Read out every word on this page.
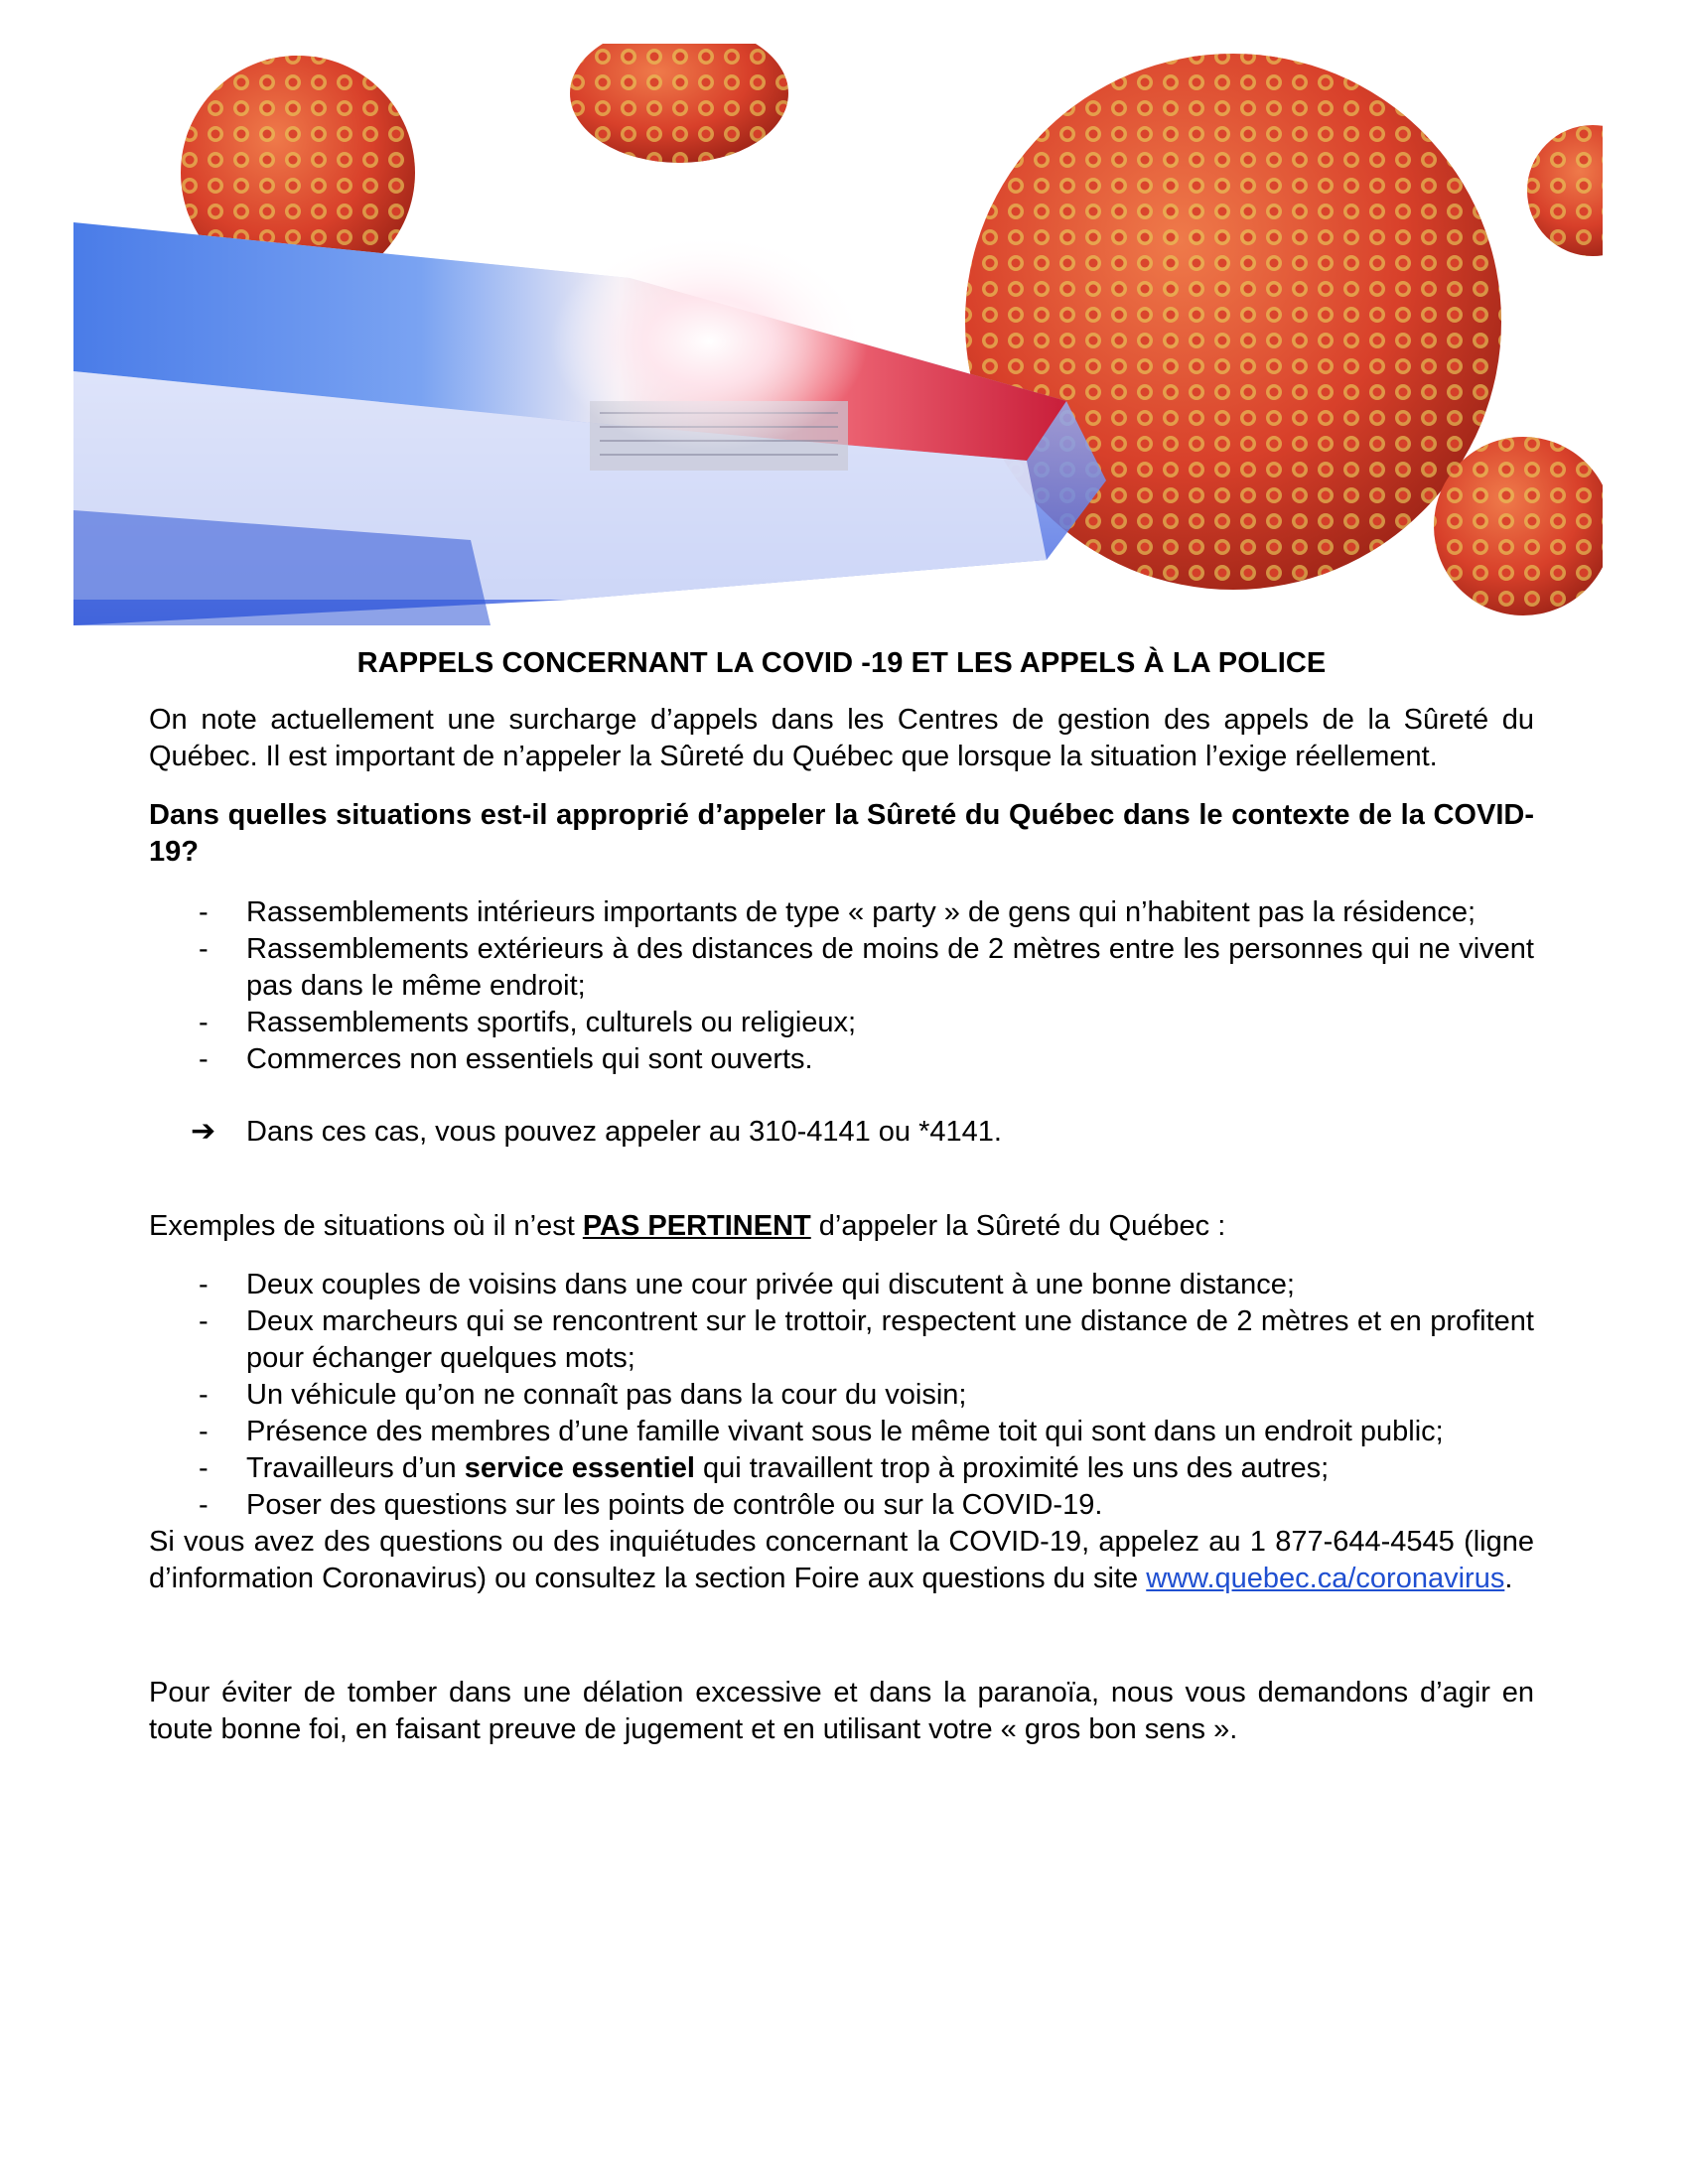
RAPPELS CONCERNANT LA COVID -19 ET LES APPELS À LA POLICE

On note actuellement une surcharge d’appels dans les Centres de gestion des appels de la Sûreté du Québec. Il est important de n’appeler la Sûreté du Québec que lorsque la situation l’exige réellement.

Dans quelles situations est-il approprié d’appeler la Sûreté du Québec dans le contexte de la COVID-19?

- Rassemblements intérieurs importants de type « party » de gens qui n’habitent pas la résidence;
- Rassemblements extérieurs à des distances de moins de 2 mètres entre les personnes qui ne vivent pas dans le même endroit;
- Rassemblements sportifs, culturels ou religieux;
- Commerces non essentiels qui sont ouverts.
➔ Dans ces cas, vous pouvez appeler au 310-4141 ou *4141.

Exemples de situations où il n’est PAS PERTINENT d’appeler la Sûreté du Québec :

- Deux couples de voisins dans une cour privée qui discutent à une bonne distance;
- Deux marcheurs qui se rencontrent sur le trottoir, respectent une distance de 2 mètres et en profitent pour échanger quelques mots;
- Un véhicule qu’on ne connaît pas dans la cour du voisin;
- Présence des membres d’une famille vivant sous le même toit qui sont dans un endroit public;
- Travailleurs d’un service essentiel qui travaillent trop à proximité les uns des autres;
- Poser des questions sur les points de contrôle ou sur la COVID-19.

Si vous avez des questions ou des inquiétudes concernant la COVID-19, appelez au 1 877-644-4545 (ligne d’information Coronavirus) ou consultez la section Foire aux questions du site www.quebec.ca/coronavirus.

Pour éviter de tomber dans une délation excessive et dans la paranoïa, nous vous demandons d’agir en toute bonne foi, en faisant preuve de jugement et en utilisant votre « gros bon sens ».
